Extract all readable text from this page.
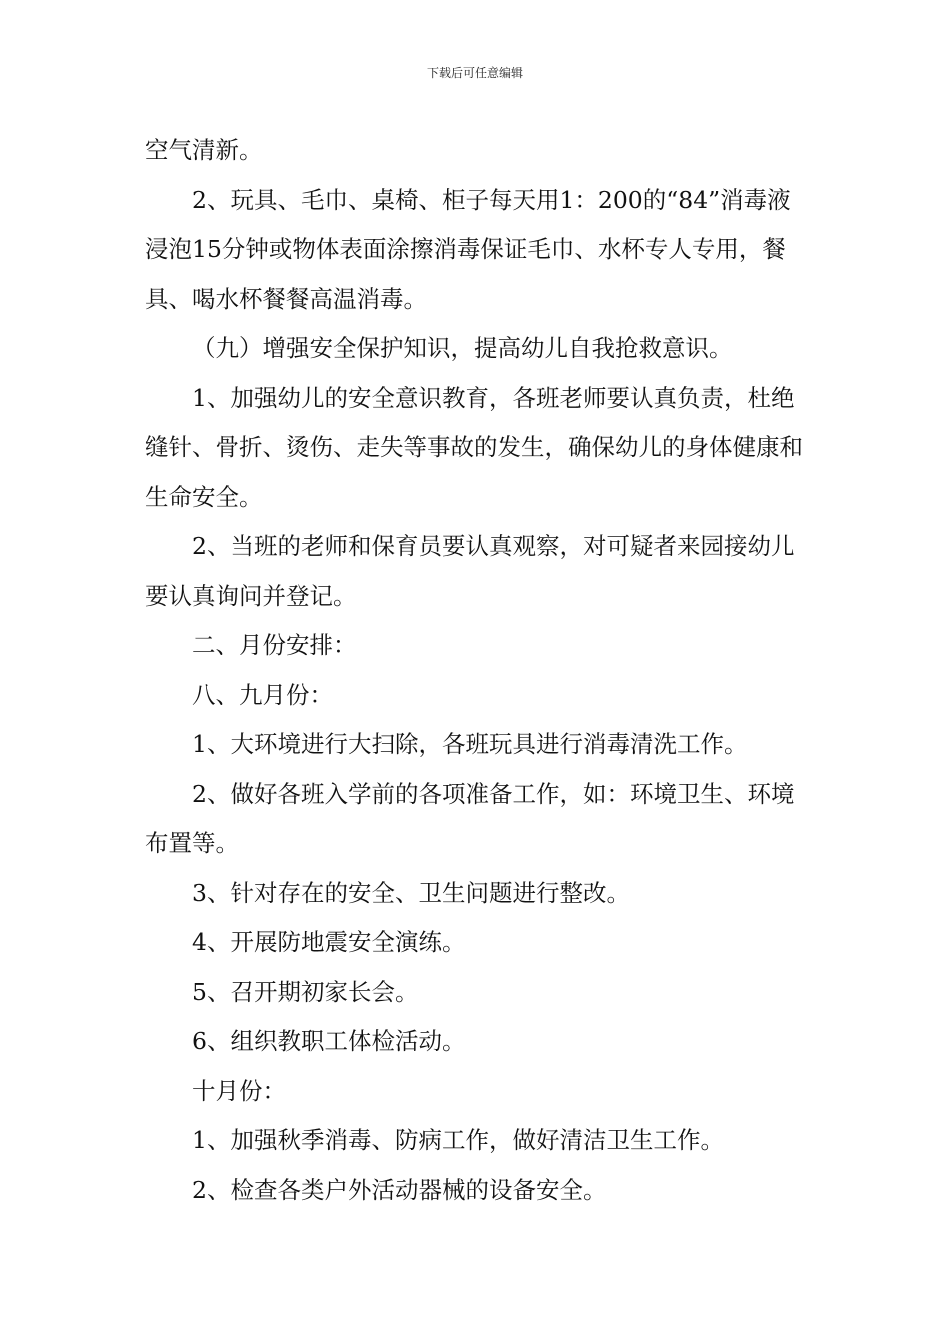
下载后可任意编辑

空气清新。

2、玩具、毛巾、桌椅、柜子每天用1：200的“84”消毒液浸泡15分钟或物体表面涂擦消毒保证毛巾、水杯专人专用，餐具、喝水杯餐餐高温消毒。

（九）增强安全保护知识，提高幼儿自我抢救意识。

1、加强幼儿的安全意识教育，各班老师要认真负责，杜绝缝针、骨折、烫伤、走失等事故的发生，确保幼儿的身体健康和生命安全。

2、当班的老师和保育员要认真观察，对可疑者来园接幼儿要认真询问并登记。

二、月份安排：

八、九月份：

1、大环境进行大扫除，各班玩具进行消毒清洗工作。

2、做好各班入学前的各项准备工作，如：环境卫生、环境布置等。

3、针对存在的安全、卫生问题进行整改。

4、开展防地震安全演练。

5、召开期初家长会。

6、组织教职工体检活动。

十月份：

1、加强秋季消毒、防病工作，做好清洁卫生工作。

2、检查各类户外活动器械的设备安全。
